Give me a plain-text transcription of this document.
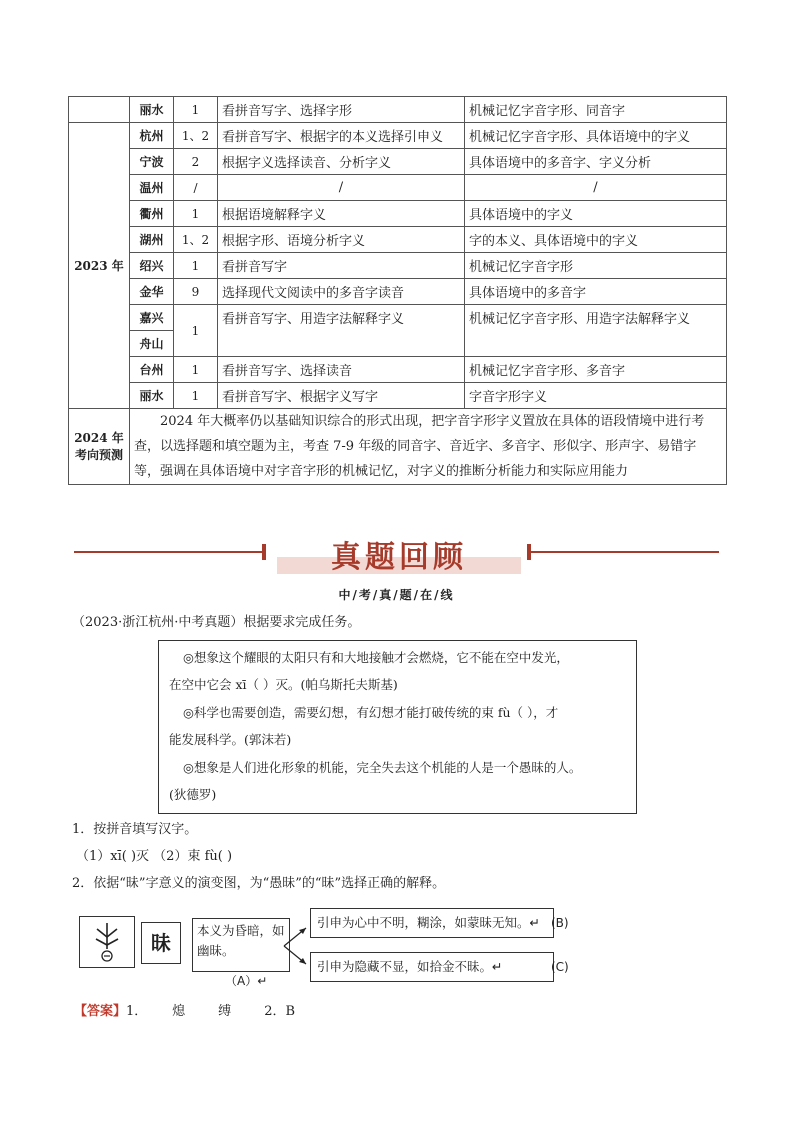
	丽水	1	看拼音写字、选择字形	机械记忆字音字形、同音字
2023 年	杭州	1、2	看拼音写字、根据字的本义选择引申义	机械记忆字音字形、具体语境中的字义
	宁波	2	根据字义选择读音、分析字义	具体语境中的多音字、字义分析
	温州	/	/	/
	衢州	1	根据语境解释字义	具体语境中的字义
	湖州	1、2	根据字形、语境分析字义	字的本义、具体语境中的字义
	绍兴	1	看拼音写字	机械记忆字音字形
	金华	9	选择现代文阅读中的多音字读音	具体语境中的多音字
	嘉兴	1	看拼音写字、用造字法解释字义	机械记忆字音字形、用造字法解释字义
	舟山			
	台州	1	看拼音写字、选择读音	机械记忆字音字形、多音字
	丽水	1	看拼音写字、根据字义写字	字音字形字义
2024 年考向预测	2024 年大概率仍以基础知识综合的形式出现，把字音字形字义置放在具体的语段情境中进行考查，以选择题和填空题为主，考查 7-9 年级的同音字、音近字、多音字、形似字、形声字、易错字等，强调在具体语境中对字音字形的机械记忆，对字义的推断分析能力和实际应用能力			
真题回顾
中/考/真/题/在/线
（2023·浙江杭州·中考真题）根据要求完成任务。
◎想象这个耀眼的太阳只有和大地接触才会燃烧，它不能在空中发光，
在空中它会 xī（ ）灭。(帕乌斯托夫斯基)
◎科学也需要创造，需要幻想，有幻想才能打破传统的束 fù（ ），才
能发展科学。(郭沫若)
◎想象是人们进化形象的机能，完全失去这个机能的人是一个愚昧的人。
(狄德罗)
1．按拼音填写汉字。
（1）xī( )灭 （2）束 fù( )
2．依据“昧”字意义的演变图，为“愚昧”的“昧”选择正确的解释。
昧
本义为昏暗，如幽昧。
（A）↵
引申为心中不明，糊涂，如蒙昧无知。↵ (B)
引申为隐藏不显，如拾金不昧。↵	(C)
【答案】1．      熄        缚        2．B
